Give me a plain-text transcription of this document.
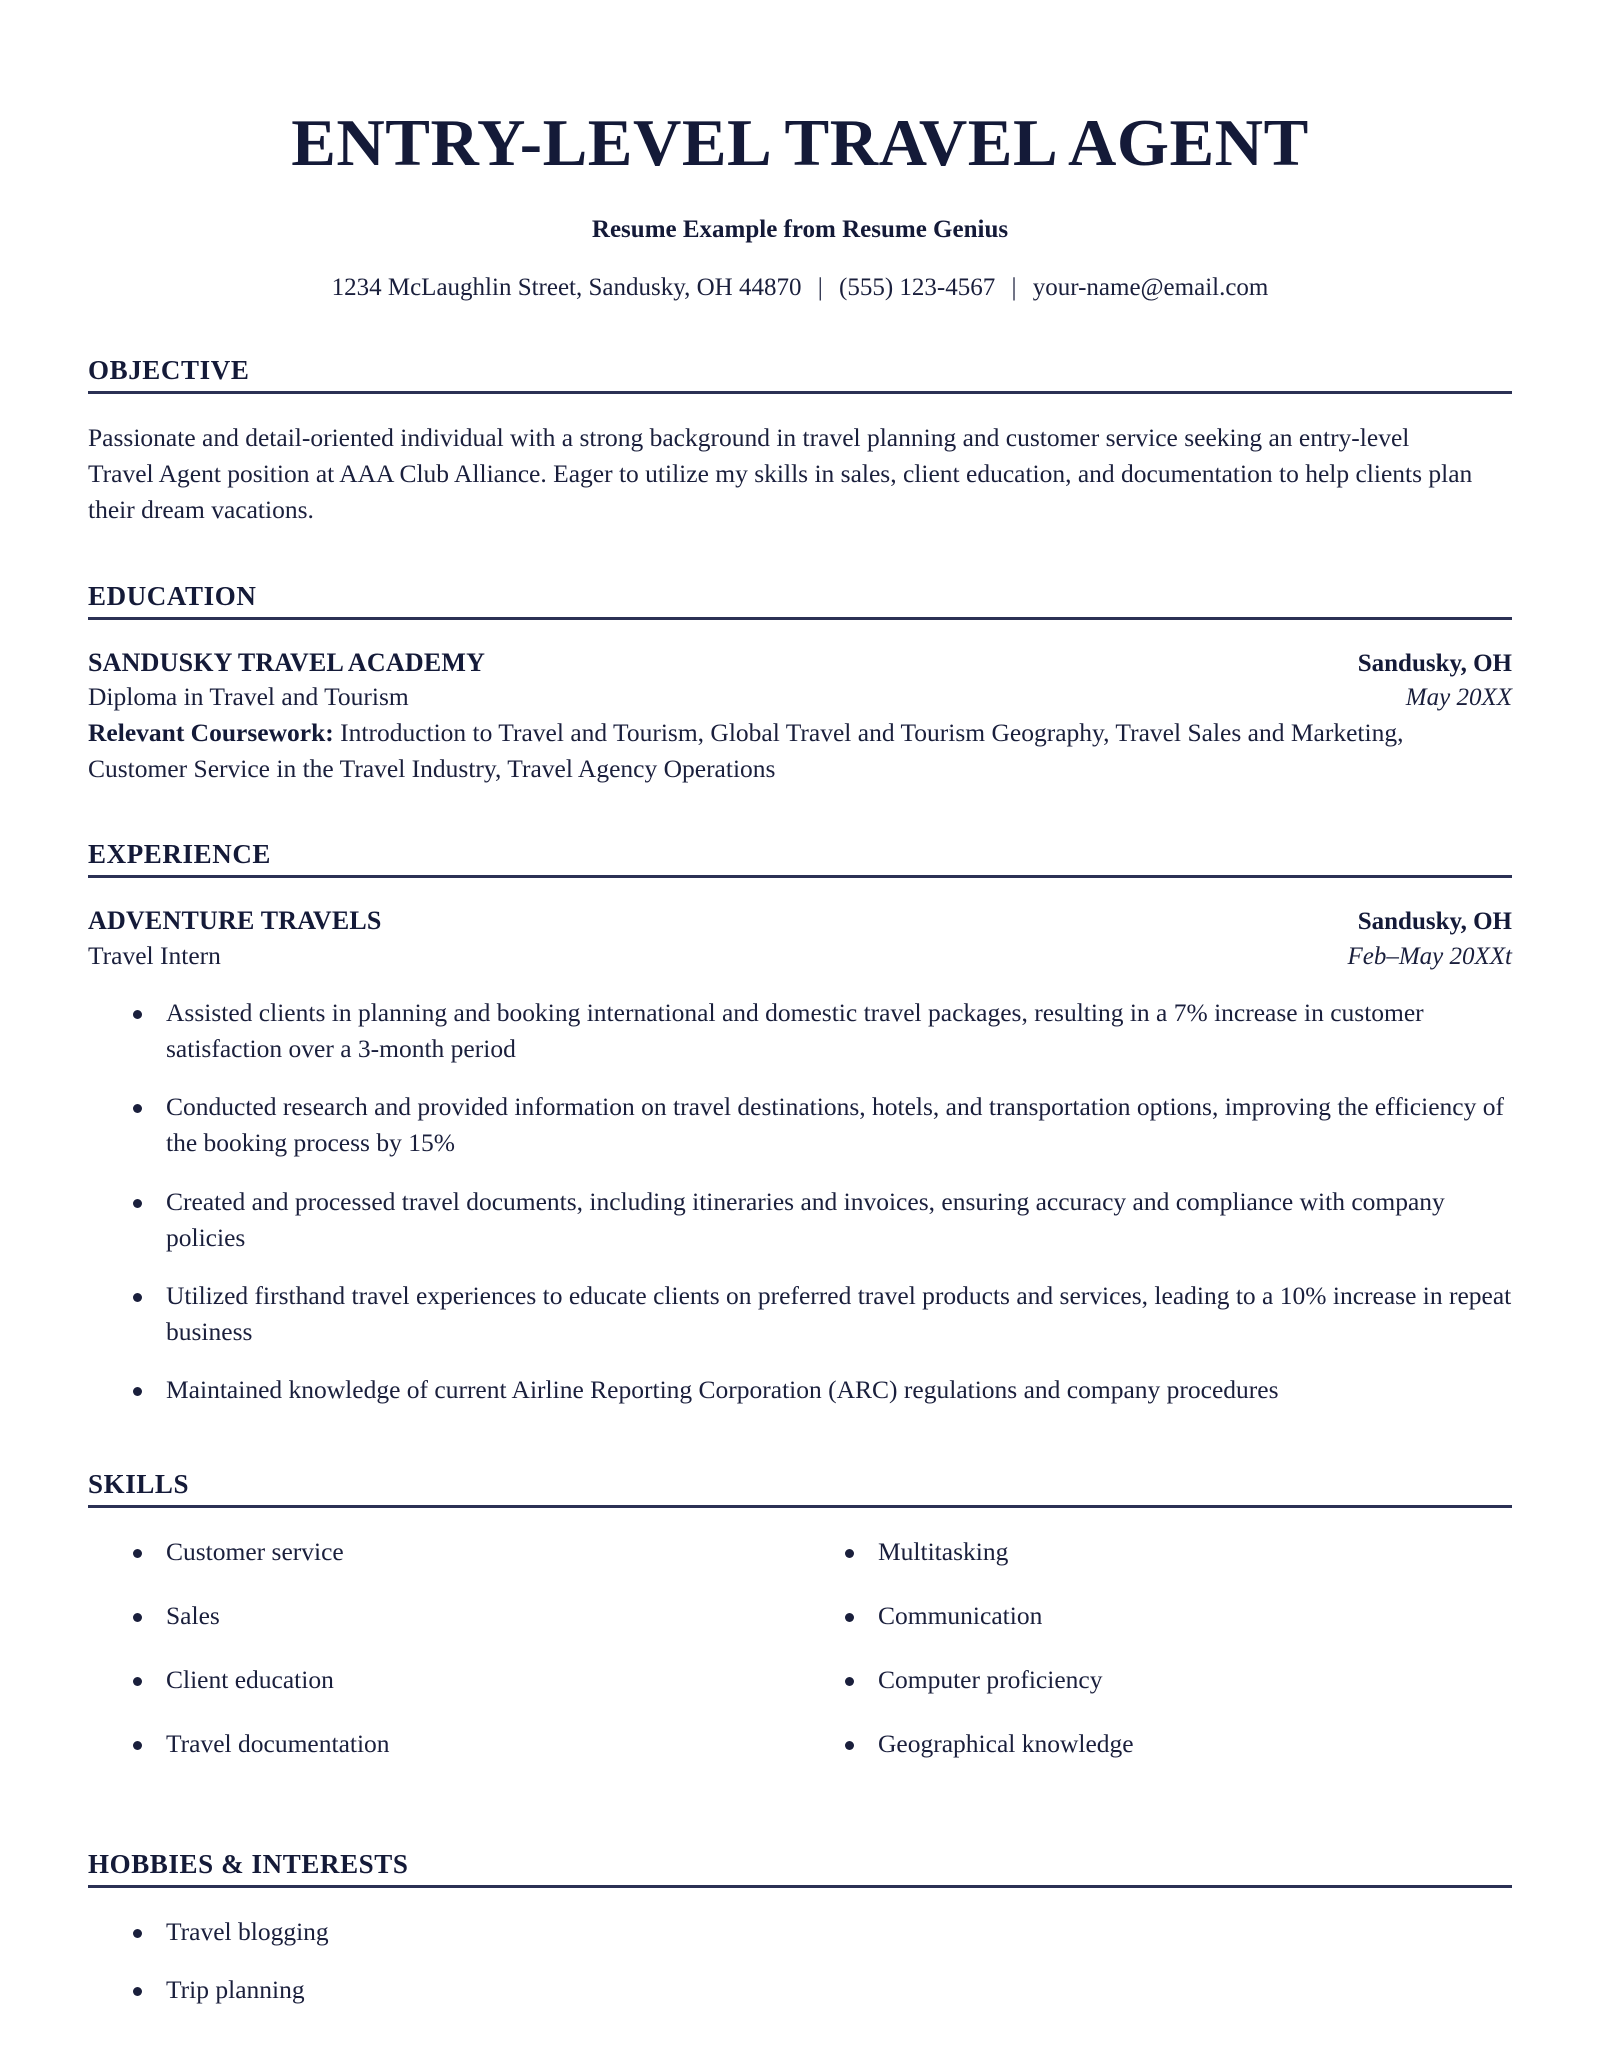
ENTRY-LEVEL TRAVEL AGENT
Resume Example from Resume Genius
1234 McLaughlin Street, Sandusky, OH 44870 | (555) 123-4567 | your-name@email.com
OBJECTIVE

Passionate and detail-oriented individual with a strong background in travel planning and customer service seeking an entry-level Travel Agent position at AAA Club Alliance. Eager to utilize my skills in sales, client education, and documentation to help clients plan their dream vacations.

EDUCATION
SANDUSKY TRAVEL ACADEMY	Sandusky, OH
Diploma in Travel and Tourism	May 20XX

Relevant Coursework: Introduction to Travel and Tourism, Global Travel and Tourism Geography, Travel Sales and Marketing, Customer Service in the Travel Industry, Travel Agency Operations

EXPERIENCE
ADVENTURE TRAVELS	Sandusky, OH
Travel Intern	Feb–May 20XXt
Assisted clients in planning and booking international and domestic travel packages, resulting in a 7% increase in customer satisfaction over a 3-month period
Conducted research and provided information on travel destinations, hotels, and transportation options, improving the efficiency of the booking process by 15%
Created and processed travel documents, including itineraries and invoices, ensuring accuracy and compliance with company policies
Utilized firsthand travel experiences to educate clients on preferred travel products and services, leading to a 10% increase in repeat business
Maintained knowledge of current Airline Reporting Corporation (ARC) regulations and company procedures
SKILLS
Customer service
Sales
Client education
Travel documentation
Multitasking
Communication
Computer proficiency
Geographical knowledge
HOBBIES & INTERESTS
Travel blogging
Trip planning
